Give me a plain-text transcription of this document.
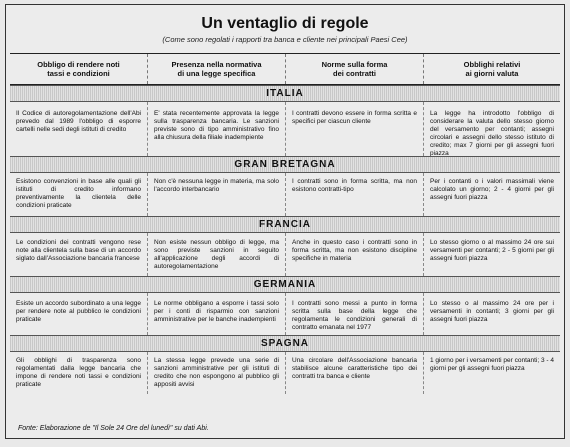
Un ventaglio di regole
(Come sono regolati i rapporti tra banca e cliente nei principali Paesi Cee)
Obbligo di rendere noti
tassi e condizioni
Presenza nella normativa
di una legge specifica
Norme sulla forma
dei contratti
Obblighi relativi
ai giorni valuta
ITALIA
Il Codice di autoregolamentazione dell'Abi prevedo dal 1989 l'obbligo di esporre cartelli nelle sedi degli istituti di credito
E' stata recentemente approvata la legge sulla trasparenza bancaria. Le sanzioni previste sono di tipo amministrativo fino alla chiusura della filiale inadempiente
I contratti devono essere in forma scritta e specifici per ciascun cliente
La legge ha introdotto l'obbligo di considerare la valuta dello stesso giorno del versamento per contanti; assegni circolari e assegni dello stesso istituto di credito; max 7 giorni per gli assegni fuori piazza
GRAN BRETAGNA
Esistono convenzioni in base alle quali gli istituti di credito informano preventivamente la clientela delle condizioni praticate
Non c'è nessuna legge in materia, ma solo l'accordo interbancario
I contratti sono in forma scritta, ma non esistono contratti-tipo
Per i contanti o i valori massimali viene calcolato un giorno; 2 - 4 giorni per gli assegni fuori piazza
FRANCIA
Le condizioni dei contratti vengono rese note alla clientela sulla base di un accordo siglato dall'Associazione bancaria francese
Non esiste nessun obbligo di legge, ma sono previste sanzioni in seguito all'applicazione degli accordi di autoregolamentazione
Anche in questo caso i contratti sono in forma scritta, ma non esistono discipline specifiche in materia
Lo stesso giorno o al massimo 24 ore sui versamenti per contanti; 2 - 5 giorni per gli assegni fuori piazza
GERMANIA
Esiste un accordo subordinato a una legge per rendere note al pubblico le condizioni praticate
Le norme obbligano a esporre i tassi solo per i conti di risparmio con sanzioni amministrative per le banche inadempienti
I contratti sono messi a punto in forma scritta sulla base della legge che regolamenta le condizioni generali di contratto emanata nel 1977
Lo stesso o al massimo 24 ore per i versamenti in contanti; 3 giorni per gli assegni fuori piazza
SPAGNA
Gli obblighi di trasparenza sono regolamentati dalla legge bancaria che impone di rendere noti tassi e condizioni praticate
La stessa legge prevede una serie di sanzioni amministrative per gli istituti di credito che non espongono al pubblico gli appositi avvisi
Una circolare dell'Associazione bancaria stabilisce alcune caratteristiche tipo dei contratti tra banca e cliente
1 giorno per i versamenti per contanti; 3 - 4 giorni per gli assegni fuori piazza
Fonte: Elaborazione de "Il Sole 24 Ore del lunedì" su dati Abi.
